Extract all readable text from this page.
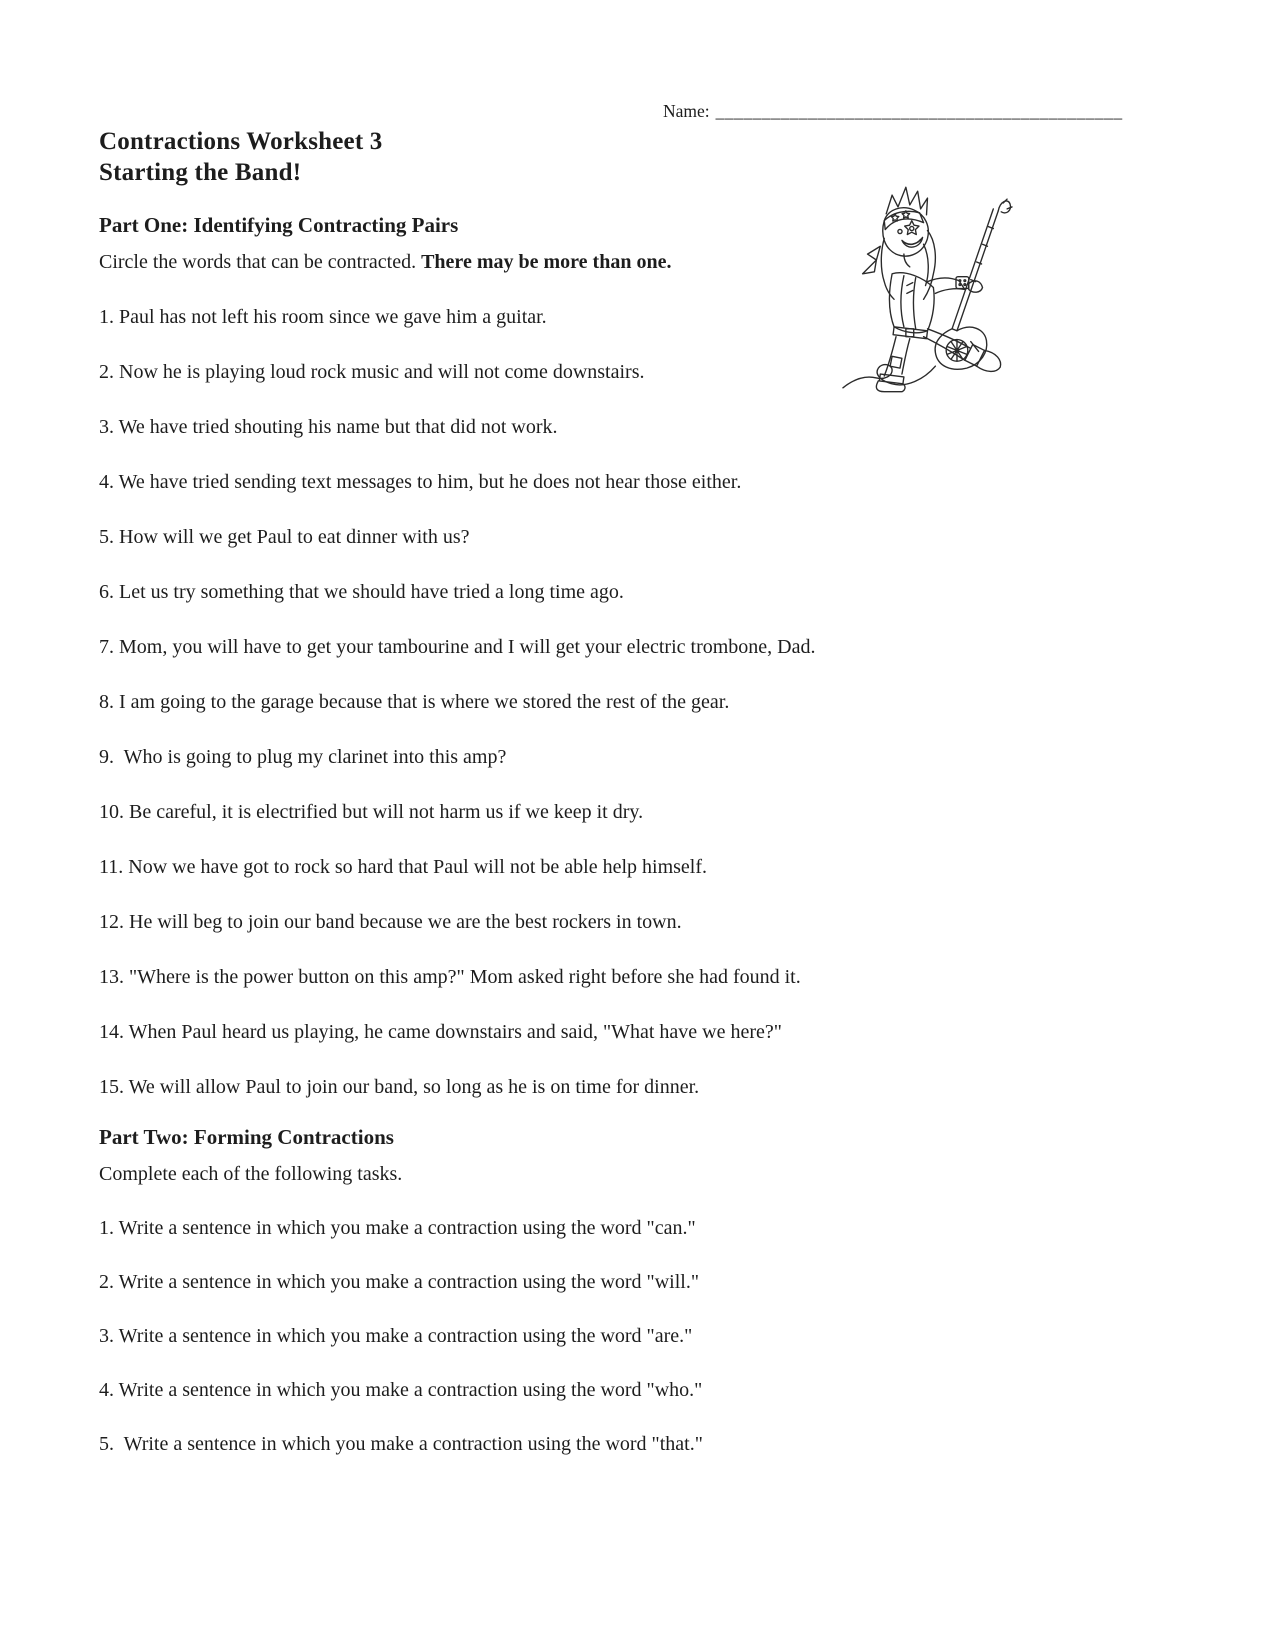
Name: ____________________________________________
Contractions Worksheet 3
Starting the Band!
Part One: Identifying Contracting Pairs

Circle the words that can be contracted. There may be more than one.

1. Paul has not left his room since we gave him a guitar.

2. Now he is playing loud rock music and will not come downstairs.

3. We have tried shouting his name but that did not work.

4. We have tried sending text messages to him, but he does not hear those either.

5. How will we get Paul to eat dinner with us?

6. Let us try something that we should have tried a long time ago.

7. Mom, you will have to get your tambourine and I will get your electric trombone, Dad.

8. I am going to the garage because that is where we stored the rest of the gear.

9.  Who is going to plug my clarinet into this amp?

10. Be careful, it is electrified but will not harm us if we keep it dry.

11. Now we have got to rock so hard that Paul will not be able help himself.

12. He will beg to join our band because we are the best rockers in town.

13. "Where is the power button on this amp?" Mom asked right before she had found it.

14. When Paul heard us playing, he came downstairs and said, "What have we here?"

15. We will allow Paul to join our band, so long as he is on time for dinner.

Part Two: Forming Contractions

Complete each of the following tasks.

1. Write a sentence in which you make a contraction using the word "can."

2. Write a sentence in which you make a contraction using the word "will."

3. Write a sentence in which you make a contraction using the word "are."

4. Write a sentence in which you make a contraction using the word "who."

5.  Write a sentence in which you make a contraction using the word "that."
